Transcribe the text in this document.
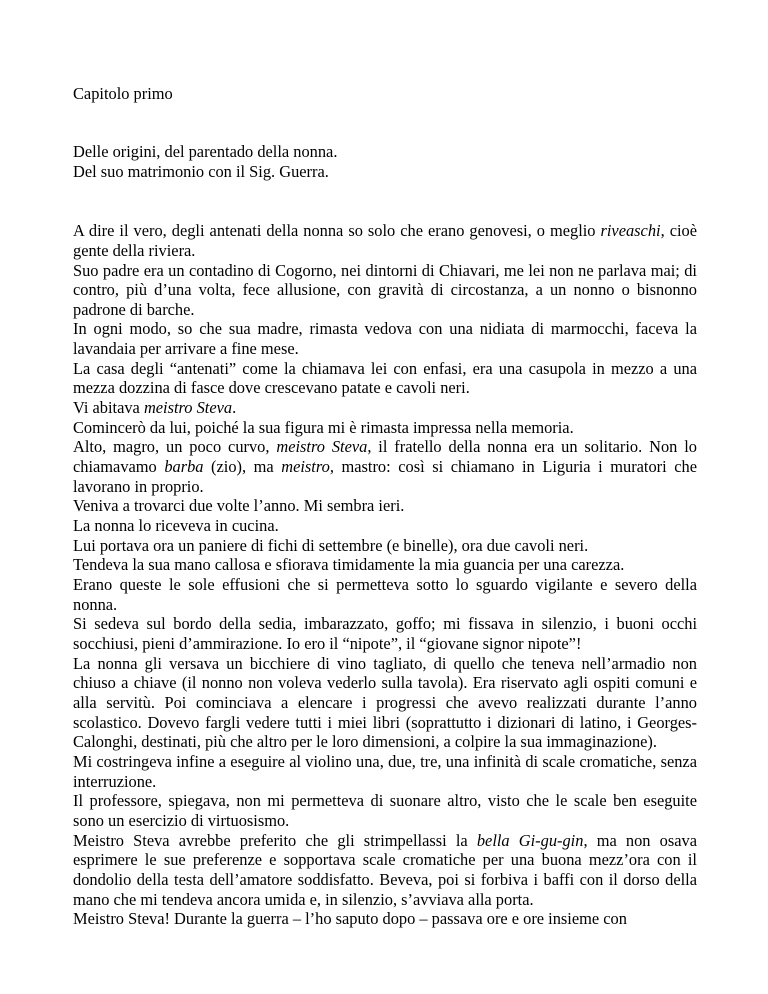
Capitolo primo

Delle origini, del parentado della nonna.

Del suo matrimonio con il Sig. Guerra.

A dire il vero, degli antenati della nonna so solo che erano genovesi, o meglio riveaschi, cioè gente della riviera.

Suo padre era un contadino di Cogorno, nei dintorni di Chiavari, me lei non ne parlava mai; di contro, più d’una volta, fece allusione, con gravità di circostanza, a un nonno o bisnonno padrone di barche.

In ogni modo, so che sua madre, rimasta vedova con una nidiata di marmocchi, faceva la lavandaia per arrivare a fine mese.

La casa degli “antenati” come la chiamava lei con enfasi, era una casupola in mezzo a una mezza dozzina di fasce dove crescevano patate e cavoli neri.

Vi abitava meistro Steva.

Comincerò da lui, poiché la sua figura mi è rimasta impressa nella memoria.

Alto, magro, un poco curvo, meistro Steva, il fratello della nonna era un solitario. Non lo chiamavamo barba (zio), ma meistro, mastro: così si chiamano in Liguria i muratori che lavorano in proprio.

Veniva a trovarci due volte l’anno. Mi sembra ieri.

La nonna lo riceveva in cucina.

Lui portava ora un paniere di fichi di settembre (e binelle), ora due cavoli neri.

Tendeva la sua mano callosa e sfiorava timidamente la mia guancia per una carezza.

Erano queste le sole effusioni che si permetteva sotto lo sguardo vigilante e severo della nonna.

Si sedeva sul bordo della sedia, imbarazzato, goffo; mi fissava in silenzio, i buoni occhi socchiusi, pieni d’ammirazione. Io ero il “nipote”, il “giovane signor nipote”!

La nonna gli versava un bicchiere di vino tagliato, di quello che teneva nell’armadio non chiuso a chiave (il nonno non voleva vederlo sulla tavola). Era riservato agli ospiti comuni e alla servitù. Poi cominciava a elencare i progressi che avevo realizzati durante l’anno scolastico. Dovevo fargli vedere tutti i miei libri (soprattutto i dizionari di latino, i Georges-Calonghi, destinati, più che altro per le loro dimensioni, a colpire la sua immaginazione).

Mi costringeva infine a eseguire al violino una, due, tre, una infinità di scale cromatiche, senza interruzione.

Il professore, spiegava, non mi permetteva di suonare altro, visto che le scale ben eseguite sono un esercizio di virtuosismo.

Meistro Steva avrebbe preferito che gli strimpellassi la bella Gi-gu-gin, ma non osava esprimere le sue preferenze e sopportava scale cromatiche per una buona mezz’ora con il dondolio della testa dell’amatore soddisfatto. Beveva, poi si forbiva i baffi con il dorso della mano che mi tendeva ancora umida e, in silenzio, s’avviava alla porta.

Meistro Steva! Durante la guerra – l’ho saputo dopo – passava ore e ore insieme con
